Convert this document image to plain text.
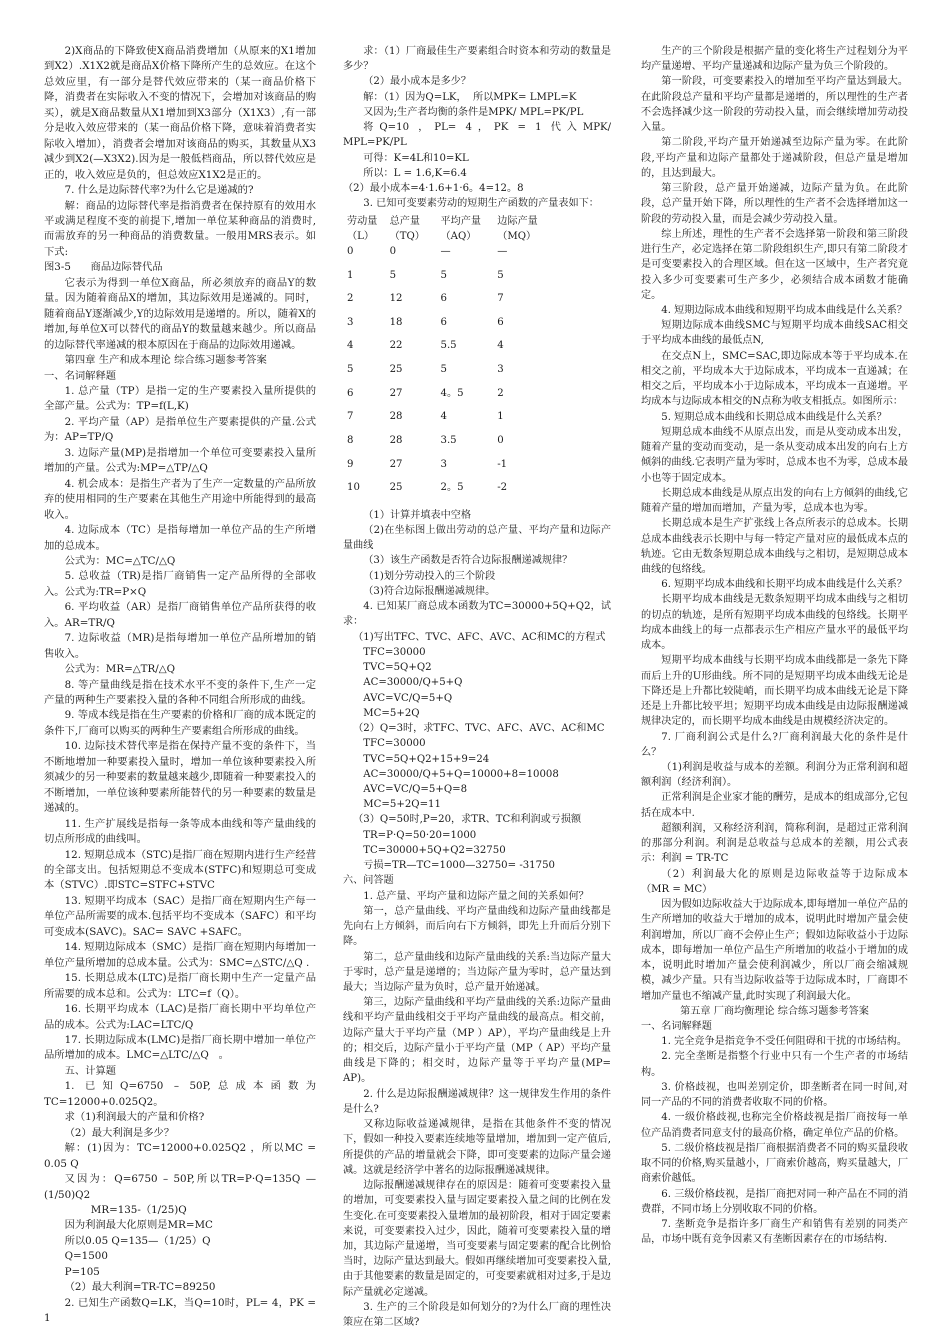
2)X商品的下降致使X商品消费增加（从原来的X1增加到X2）.X1X2就是商品X价格下降所产生的总效应。在这个总效应里，有一部分是替代效应带来的（某一商品价格下降，消费者在实际收入不变的情况下，会增加对该商品的购买），就是X商品数量从X1增加到X3部分（X1X3）,有一部分是收入效应带来的（某一商品价格下降，意味着消费者实际收入增加），消费者会增加对该商品的购买，其数量从X3减少到X2(—X3X2).因为是一般低档商品，所以替代效应是正的，收入效应是负的，但总效应X1X2是正的。

7. 什么是边际替代率?为什么它是递减的?

解：商品的边际替代率是指消费者在保持原有的效用水平或满足程度不变的前提下,增加一单位某种商品的消费时,而需放弃的另一种商品的消费数量。一般用MRS表示。如下式:

图3-5      商品边际替代品

它表示为得到一单位X商品，所必须放弃的商品Y的数量。因为随着商品X的增加，其边际效用是递减的。同时，随着商品Y逐渐减少,Y的边际效用是递增的。所以，随着X的增加,每单位X可以替代的商品Y的数量越来越少。所以商品的边际替代率递减的根本原因在于商品的边际效用递减。

第四章 生产和成本理论 综合练习题参考答案

一、名词解释题

1. 总产量（TP）是指一定的生产要素投入量所提供的全部产量。公式为：TP=f(L,K)

2. 平均产量（AP）是指单位生产要素提供的产量.公式为：AP=TP/Q

3. 边际产量(MP)是指增加一个单位可变要素投入量所增加的产量。公式为:MP=△TP/△Q

4. 机会成本：是指生产者为了生产一定数量的产品所放弃的使用相同的生产要素在其他生产用途中所能得到的最高收入。

4. 边际成本（TC）是指每增加一单位产品的生产所增加的总成本。

公式为：MC=△TC/△Q

5. 总收益（TR)是指厂商销售一定产品所得的全部收入。公式为:TR=P×Q

6. 平均收益（AR）是指厂商销售单位产品所获得的收入。AR=TR/Q

7. 边际收益（MR)是指每增加一单位产品所增加的销售收入。

公式为：MR=△TR/△Q

8. 等产量曲线是指在技术水平不变的条件下,生产一定产量的两种生产要素投入量的各种不同组合所形成的曲线。

9. 等成本线是指在生产要素的价格和厂商的成本既定的条件下,厂商可以购买的两种生产要素组合所形成的曲线。

10. 边际技术替代率是指在保持产量不变的条件下，当不断地增加一种要素投入量时，增加一单位该种要素投入所须减少的另一种要素的数量越来越少,即随着一种要素投入的不断增加，一单位该种要素所能替代的另一种要素的数量是递减的。

11. 生产扩展线是指每一条等成本曲线和等产量曲线的切点所形成的曲线叫。

12. 短期总成本（STC)是指厂商在短期内进行生产经营的全部支出。包括短期总不变成本(STFC)和短期总可变成本（STVC）.即STC=STFC+STVC

13. 短期平均成本（SAC）是指厂商在短期内生产每一单位产品所需要的成本.包括平均不变成本（SAFC）和平均可变成本(SAVC)。SAC= SAVC +SAFC。

14. 短期边际成本（SMC）是指厂商在短期内每增加一单位产量所增加的总成本量。公式为：SMC=△STC/△Q .

15. 长期总成本(LTC)是指厂商长期中生产一定量产品所需要的成本总和。公式为：LTC=f（Q）。

16. 长期平均成本（LAC)是指厂商长期中平均单位产品的成本。公式为:LAC=LTC/Q

17. 长期边际成本(LMC)是指厂商长期中增加一单位产品所增加的成本。LMC=△LTC/△Q   。

五、计算题

1. 已知Q=6750 – 50P,总成本函数为TC=12000+0.025Q2。

求（1)利润最大的产量和价格?

（2）最大利润是多少？

解：(1)因为：TC=12000+0.025Q2 ，所以MC = 0.05 Q

又因为：Q=6750 – 50P,所以TR=P·Q=135Q —(1/50)Q2

MR=135-（1/25)Q

因为利润最大化原则是MR=MC

所以0.05 Q=135—（1/25）Q

Q=1500

P=105

（2）最大利润=TR-TC=89250

2. 已知生产函数Q=LK，当Q=10时，PL= 4，PK = 1

求：（1）厂商最佳生产要素组合时资本和劳动的数量是多少？

（2）最小成本是多少？

解：（1）因为Q=LK，  所以MPK= LMPL=K

又因为;生产者均衡的条件是MPK/ MPL=PK/PL

将Q=10 ，PL= 4，PK = 1 代入MPK/ MPL=PK/PL

可得：K=4L和10=KL

所以：L = 1.6,K=6.4

（2）最小成本=4·1.6+1·6。4=12。8

3. 已知可变要素劳动的短期生产函数的产量表如下：

劳动量（L）	总产量（TQ）	平均产量（AQ）	边际产量（MQ）
0	0	—	—
1	5	5	5
2	12	6	7
3	18	6	6
4	22	5.5	4
5	25	5	3
6	27	4。5	2
7	28	4	1
8	28	3.5	0
9	27	3	-1
10	25	2。5	-2

（1）计算并填表中空格

（2)在坐标图上做出劳动的总产量、平均产量和边际产量曲线

（3）该生产函数是否符合边际报酬递减规律？

（1)划分劳动投入的三个阶段

（3)符合边际报酬递减规律。

4. 已知某厂商总成本函数为TC=30000+5Q+Q2，试求：

（1)写出TFC、TVC、AFC、AVC、AC和MC的方程式

TFC=30000

TVC=5Q+Q2

AC=30000/Q+5+Q

AVC=VC/Q=5+Q

MC=5+2Q

（2）Q=3时，求TFC、TVC、AFC、AVC、AC和MC

TFC=30000

TVC=5Q+Q2+15+9=24

AC=30000/Q+5+Q=10000+8=10008

AVC=VC/Q=5+Q=8

MC=5+2Q=11

（3）Q=50时,P=20，求TR、TC和利润或亏损额

TR=P·Q=50·20=1000

TC=30000+5Q+Q2=32750

亏损=TR—TC=1000—32750= -31750

六、问答题

1. 总产量、平均产量和边际产量之间的关系如何？

第一，总产量曲线、平均产量曲线和边际产量曲线都是先向右上方倾斜，而后向右下方倾斜，即先上升而后分别下降。

第二，总产量曲线和边际产量曲线的关系:当边际产量大于零时，总产量是递增的；当边际产量为零时，总产量达到最大；当边际产量为负时，总产量开始递减。

第三，边际产量曲线和平均产量曲线的关系:边际产量曲线和平均产量曲线相交于平均产量曲线的最高点。相交前，边际产量大于平均产量（MP ）AP），平均产量曲线是上升的；相交后，边际产量小于平均产量（MP（ AP）平均产量曲线是下降的；相交时，边际产量等于平均产量(MP= AP)。

2. 什么是边际报酬递减规律？这一规律发生作用的条件是什么?

又称边际收益递减规律，是指在其他条件不变的情况下，假如一种投入要素连续地等量增加，增加到一定产值后,所提供的产品的增量就会下降，即可变要素的边际产量会递减。这就是经济学中著名的边际报酬递减规律。

边际报酬递减规律存在的原因是：随着可变要素投入量的增加，可变要素投入量与固定要素投入量之间的比例在发生变化.在可变要素投入量增加的最初阶段，相对于固定要素来说，可变要素投入过少，因此，随着可变要素投入量的增加，其边际产量递增，当可变要素与固定要素的配合比例恰当时，边际产量达到最大。假如再继续增加可变要素投入量,由于其他要素的数量是固定的，可变要素就相对过多,于是边际产量就必定递减。

3. 生产的三个阶段是如何划分的?为什么厂商的理性决策应在第二区域?

生产的三个阶段是根据产量的变化将生产过程划分为平均产量递增、平均产量递减和边际产量为负三个阶段的。

第一阶段，可变要素投入的增加至平均产量达到最大。在此阶段总产量和平均产量都是递增的，所以理性的生产者不会选择减少这一阶段的劳动投入量，而会继续增加劳动投入量。

第二阶段,平均产量开始递减至边际产量为零。在此阶段,平均产量和边际产量都处于递减阶段，但总产量是增加的，且达到最大。

第三阶段，总产量开始递减，边际产量为负。在此阶段，总产量开始下降，所以理性的生产者不会选择增加这一阶段的劳动投入量，而是会减少劳动投入量。

综上所述，理性的生产者不会选择第一阶段和第三阶段进行生产，必定选择在第二阶段组织生产,即只有第二阶段才是可变要素投入的合理区域。但在这一区域中，生产者究竟投入多少可变要素可生产多少，必须结合成本函数才能确定。

4. 短期边际成本曲线和短期平均成本曲线是什么关系？

短期边际成本曲线SMC与短期平均成本曲线SAC相交于平均成本曲线的最低点N,

在交点N上，SMC=SAC,即边际成本等于平均成本.在相交之前，平均成本大于边际成本，平均成本一直递减；在相交之后，平均成本小于边际成本，平均成本一直递增。平均成本与边际成本相交的N点称为收支相抵点。如图所示：

5. 短期总成本曲线和长期总成本曲线是什么关系？

短期总成本曲线不从原点出发，而是从变动成本出发，随着产量的变动而变动，是一条从变动成本出发的向右上方倾斜的曲线.它表明产量为零时，总成本也不为零，总成本最小也等于固定成本。

长期总成本曲线是从原点出发的向右上方倾斜的曲线,它随着产量的增加而增加，产量为零，总成本也为零。

长期总成本是生产扩张线上各点所表示的总成本。长期总成本曲线表示长期中与每一特定产量对应的最低成本点的轨迹。它由无数条短期总成本曲线与之相切，是短期总成本曲线的包络线。

6. 短期平均成本曲线和长期平均成本曲线是什么关系？

长期平均成本曲线是无数条短期平均成本曲线与之相切的切点的轨迹，是所有短期平均成本曲线的包络线。长期平均成本曲线上的每一点都表示生产相应产量水平的最低平均成本。

短期平均成本曲线与长期平均成本曲线都是一条先下降而后上升的U形曲线。所不同的是短期平均成本曲线无论是下降还是上升都比较陡峭，而长期平均成本曲线无论是下降还是上升都比较平坦；短期平均成本曲线是由边际报酬递减规律决定的，而长期平均成本曲线是由规模经济决定的。

7. 厂商利润公式是什么?厂商利润最大化的条件是什么？

（1)利润是收益与成本的差额。利润分为正常利润和超额利润（经济利润）。

正常利润是企业家才能的酬劳，是成本的组成部分,它包括在成本中.

超额利润，又称经济利润，简称利润，是超过正常利润的那部分利润。利润是总收益与总成本的差额，用公式表示：利润 = TR-TC

（2）利润最大化的原则是边际收益等于边际成本（MR = MC）

因为假如边际收益大于边际成本,即每增加一单位产品的生产所增加的收益大于增加的成本，说明此时增加产量会使利润增加，所以厂商不会停止生产；假如边际收益小于边际成本，即每增加一单位产品生产所增加的收益小于增加的成本，说明此时增加产量会使利润减少，所以厂商会缩减规模，减少产量。只有当边际收益等于边际成本时，厂商即不增加产量也不缩减产量,此时实现了利润最大化。

第五章 厂商均衡理论 综合练习题参考答案

一、名词解释题

1. 完全竞争是指竞争不受任何阻碍和干扰的市场结构。

2. 完全垄断是指整个行业中只有一个生产者的市场结构。

3. 价格歧视，也叫差别定价，即垄断者在同一时间,对同一产品的不同的消费者收取不同的价格。

4. 一级价格歧视,也称完全价格歧视是指厂商按每一单位产品消费者同意支付的最高价格，确定单位产品的价格。

5. 二级价格歧视是指厂商根据消费者不同的购买量段收取不同的价格,购买量越小，厂商索价越高，购买量越大，厂商索价越低。

6. 三级价格歧视，是指厂商把对同一种产品在不同的消费群，不同市场上分别收取不同的价格。

7. 垄断竞争是指许多厂商生产和销售有差别的同类产品，市场中既有竞争因素又有垄断因素存在的市场结构.
